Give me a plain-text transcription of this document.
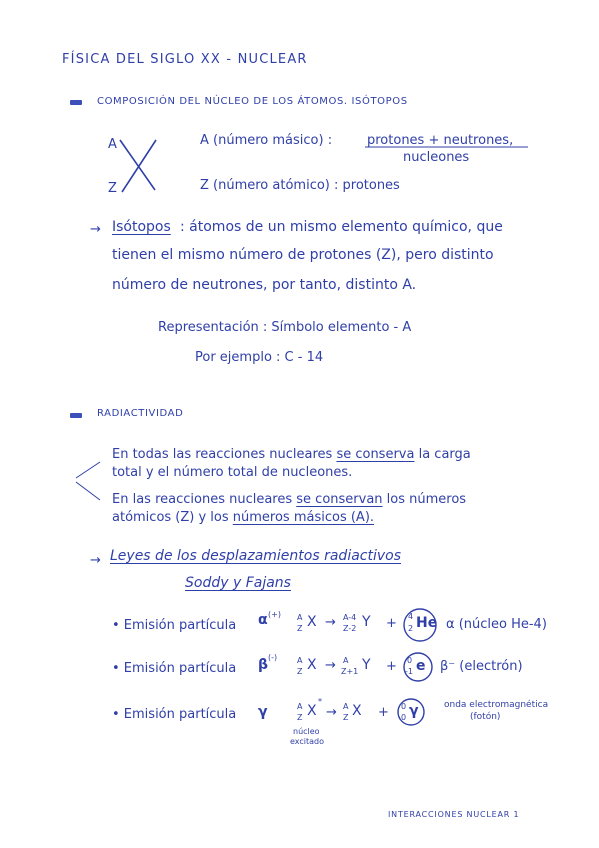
FÍSICA DEL SIGLO XX - NUCLEAR
COMPOSICIÓN DEL NÚCLEO DE LOS ÁTOMOS. ISÓTOPOS
A
Z
A (número másico) :	protones + neutrones,
nucleones
Z (número atómico) : protones
→ Isótopos : átomos de un mismo elemento químico, que
tienen el mismo número de protones (Z), pero distinto
número de neutrones, por tanto, distinto A.
Representación : Símbolo elemento - A
Por ejemplo : C - 14
RADIACTIVIDAD
En todas las reacciones nucleares se conserva la carga
total y el número total de nucleones.
En las reacciones nucleares se conservan los números
atómicos (Z) y los números másicos (A).
→ Leyes de los desplazamientos radiactivos
Soddy y Fajans
• Emisión partícula α (+) A
Z X → A-4
Z-2 Y + 4
2 He α (núcleo He-4)
• Emisión partícula β (-) A
Z X → A
Z+1 Y + 0
-1 e β⁻ (electrón)
• Emisión partícula γ	A
Z X
*
→ A
Z X + 0
0 γ	onda electromagnética
(fotón)
núcleo
excitado
INTERACCIONES NUCLEAR 1
